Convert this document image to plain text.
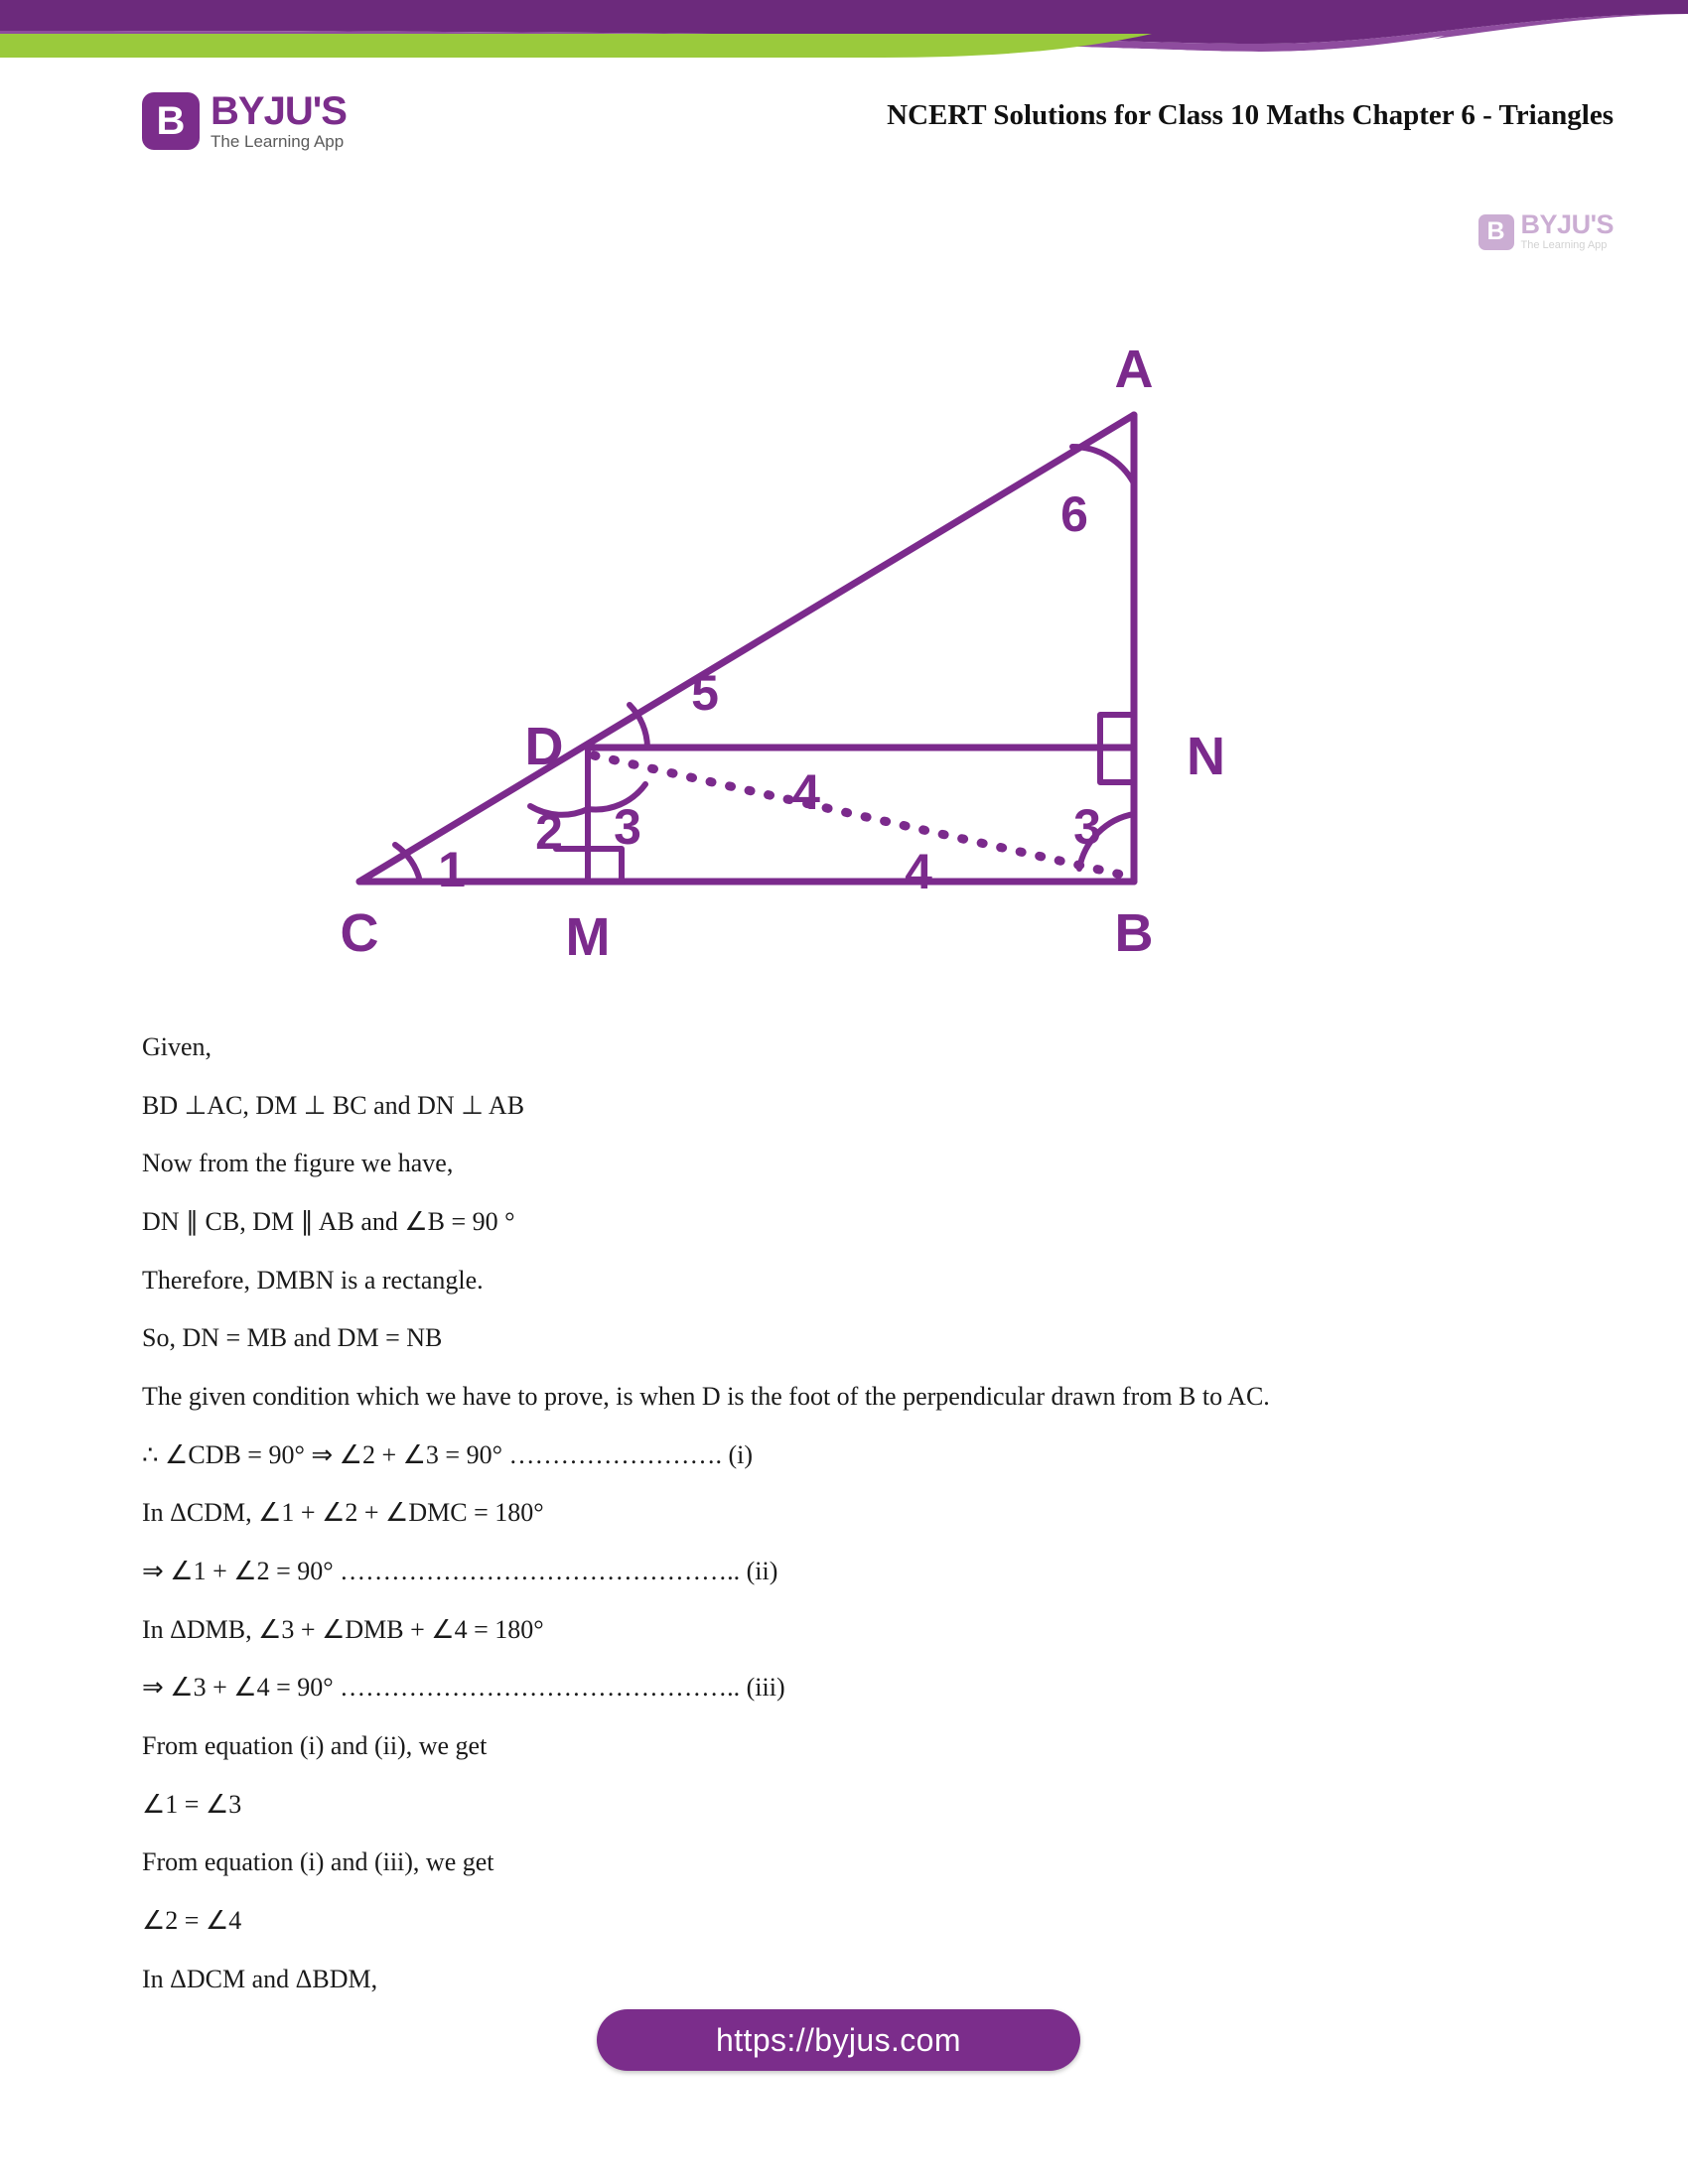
B BYJU'S
The Learning App
NCERT Solutions for Class 10 Maths Chapter 6 - Triangles
A
D	N
C	M	B
1
2 3
5
6
4
4
3
B BYJU'S
The Learning App

Given,

BD ⊥AC, DM ⊥ BC and DN ⊥ AB

Now from the figure we have,

DN ∥ CB, DM ∥ AB and ∠B = 90 °

Therefore, DMBN is a rectangle.

So, DN = MB and DM = NB

The given condition which we have to prove, is when D is the foot of the perpendicular drawn from B to AC.

∴ ∠CDB = 90° ⇒ ∠2 + ∠3 = 90° ……………………. (i)

In ΔCDM, ∠1 + ∠2 + ∠DMC = 180°

⇒ ∠1 + ∠2 = 90° ……………………………………….. (ii)

In ΔDMB, ∠3 + ∠DMB + ∠4 = 180°

⇒ ∠3 + ∠4 = 90° ……………………………………….. (iii)

From equation (i) and (ii), we get

∠1 = ∠3

From equation (i) and (iii), we get

∠2 = ∠4

In ΔDCM and ΔBDM,

https://byjus.com
